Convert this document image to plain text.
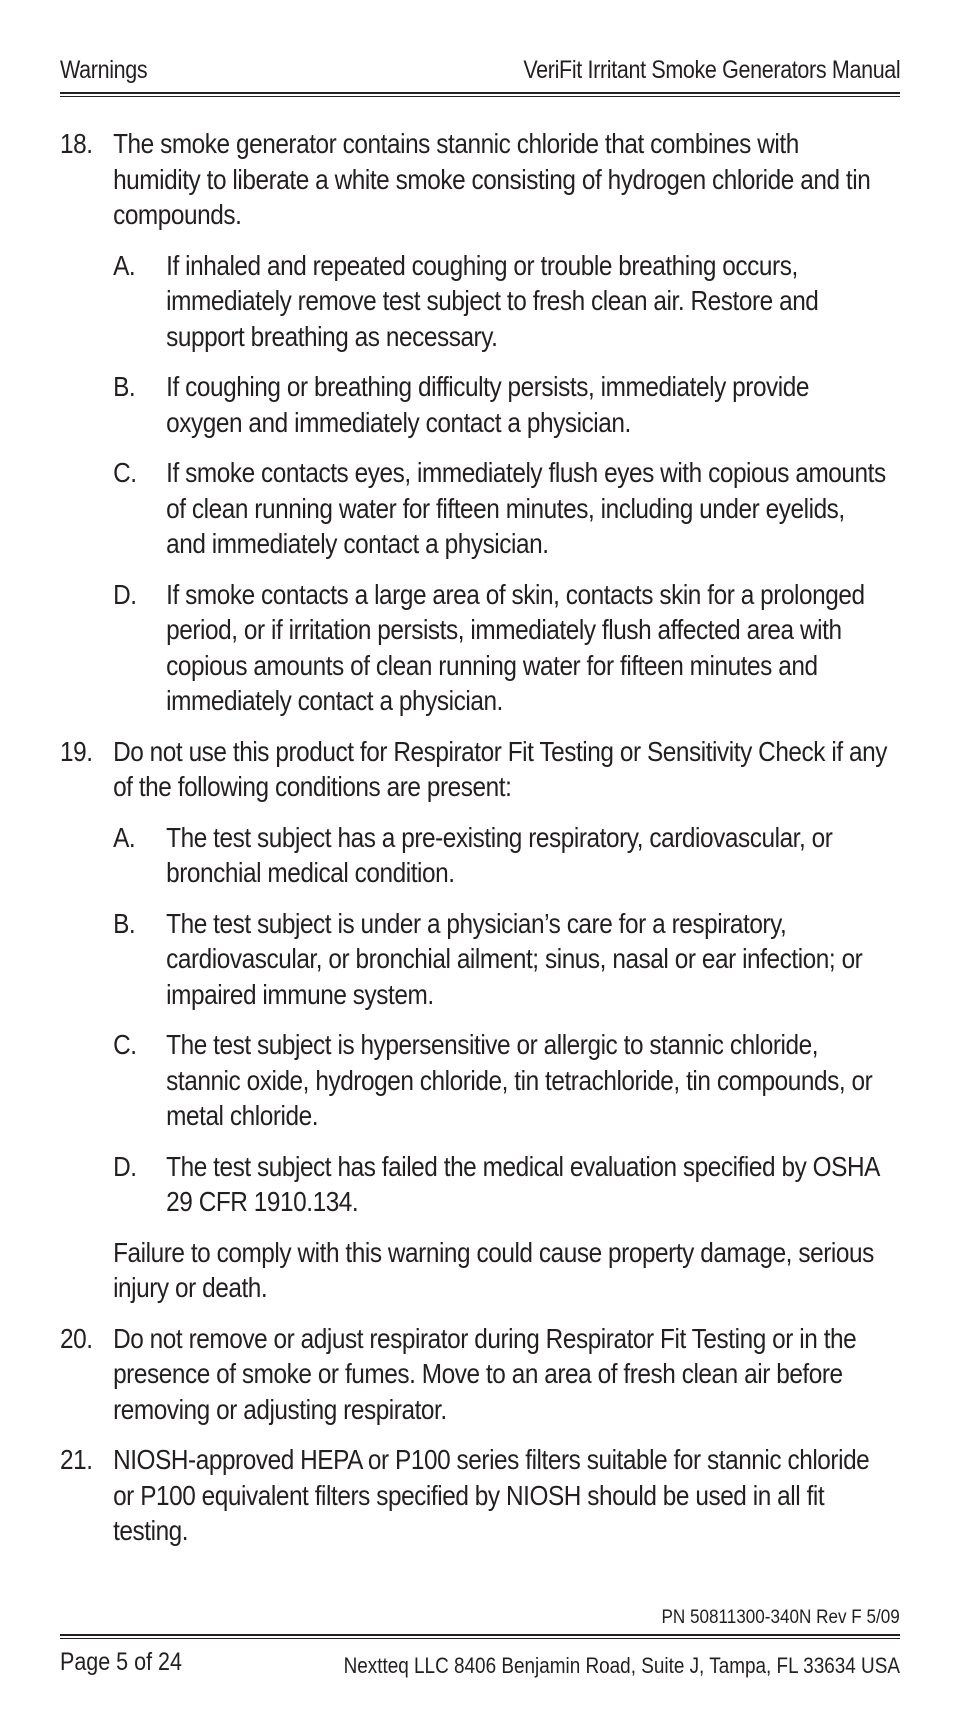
Warnings	VeriFit Irritant Smoke Generators Manual
18. The smoke generator contains stannic chloride that combines with humidity to liberate a white smoke consisting of hydrogen chloride and tin compounds.
A. If inhaled and repeated coughing or trouble breathing occurs, immediately remove test subject to fresh clean air. Restore and support breathing as necessary.
B. If coughing or breathing difficulty persists, immediately provide oxygen and immediately contact a physician.
C. If smoke contacts eyes, immediately flush eyes with copious amounts of clean running water for fifteen minutes, including under eyelids, and immediately contact a physician.
D. If smoke contacts a large area of skin, contacts skin for a prolonged period, or if irritation persists, immediately flush affected area with copious amounts of clean running water for fifteen minutes and immediately contact a physician.
19. Do not use this product for Respirator Fit Testing or Sensitivity Check if any of the following conditions are present:
A. The test subject has a pre-existing respiratory, cardiovascular, or bronchial medical condition.
B. The test subject is under a physician’s care for a respiratory, cardiovascular, or bronchial ailment; sinus, nasal or ear infection; or impaired immune system.
C. The test subject is hypersensitive or allergic to stannic chloride, stannic oxide, hydrogen chloride, tin tetrachloride, tin compounds, or metal chloride.
D. The test subject has failed the medical evaluation specified by OSHA 29 CFR 1910.134.
Failure to comply with this warning could cause property damage, serious injury or death.
20. Do not remove or adjust respirator during Respirator Fit Testing or in the presence of smoke or fumes. Move to an area of fresh clean air before removing or adjusting respirator.
21. NIOSH-approved HEPA or P100 series filters suitable for stannic chloride or P100 equivalent filters specified by NIOSH should be used in all fit testing.
PN 50811300-340N Rev F 5/09
Page 5 of 24	Nextteq LLC 8406 Benjamin Road, Suite J, Tampa, FL 33634 USA
